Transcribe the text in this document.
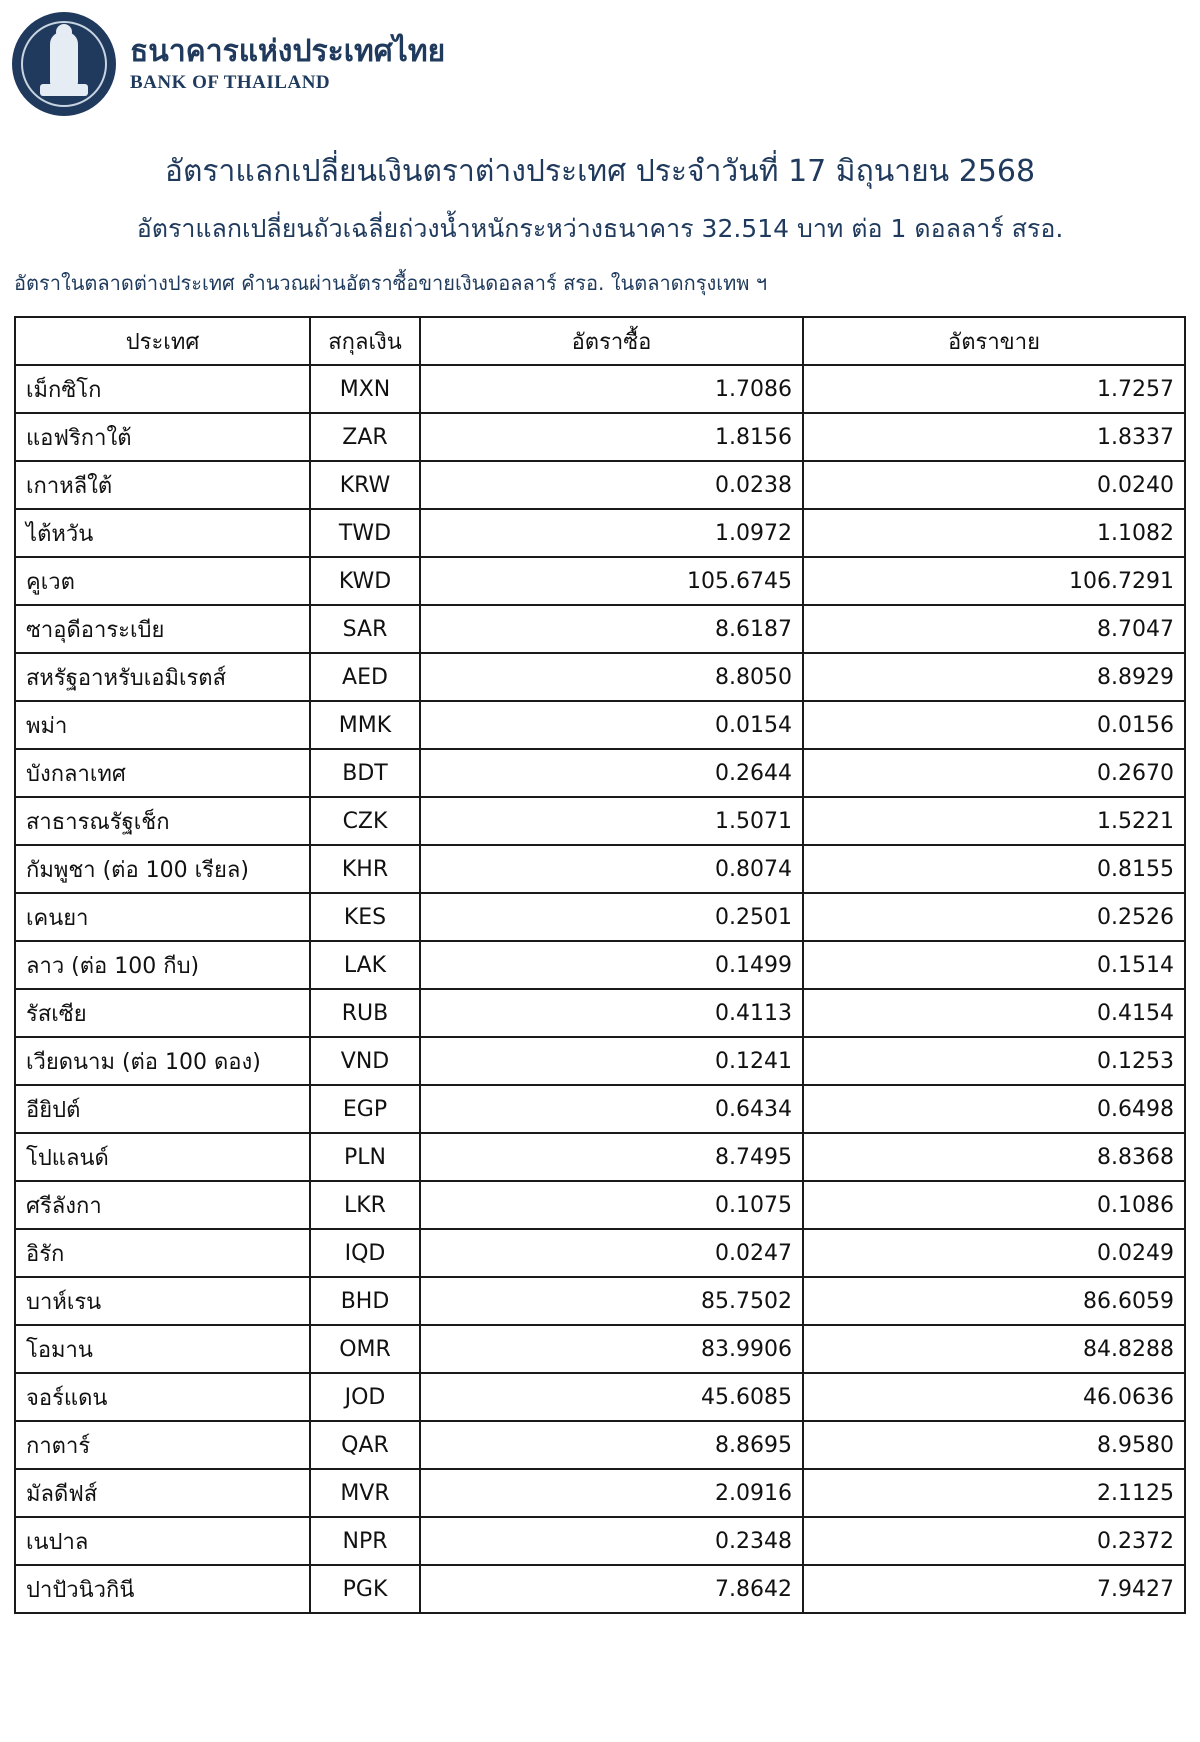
ธนาคารแห่งประเทศไทย
BANK OF THAILAND
อัตราแลกเปลี่ยนเงินตราต่างประเทศ ประจำวันที่ 17 มิถุนายน 2568
อัตราแลกเปลี่ยนถัวเฉลี่ยถ่วงน้ำหนักระหว่างธนาคาร 32.514 บาท ต่อ 1 ดอลลาร์ สรอ.
อัตราในตลาดต่างประเทศ คำนวณผ่านอัตราซื้อขายเงินดอลลาร์ สรอ. ในตลาดกรุงเทพ ฯ
ประเทศ	สกุลเงิน	อัตราซื้อ	อัตราขาย
เม็กซิโก	MXN	1.7086	1.7257
แอฟริกาใต้	ZAR	1.8156	1.8337
เกาหลีใต้	KRW	0.0238	0.0240
ไต้หวัน	TWD	1.0972	1.1082
คูเวต	KWD	105.6745	106.7291
ซาอุดีอาระเบีย	SAR	8.6187	8.7047
สหรัฐอาหรับเอมิเรตส์	AED	8.8050	8.8929
พม่า	MMK	0.0154	0.0156
บังกลาเทศ	BDT	0.2644	0.2670
สาธารณรัฐเช็ก	CZK	1.5071	1.5221
กัมพูชา (ต่อ 100 เรียล)	KHR	0.8074	0.8155
เคนยา	KES	0.2501	0.2526
ลาว (ต่อ 100 กีบ)	LAK	0.1499	0.1514
รัสเซีย	RUB	0.4113	0.4154
เวียดนาม (ต่อ 100 ดอง)	VND	0.1241	0.1253
อียิปต์	EGP	0.6434	0.6498
โปแลนด์	PLN	8.7495	8.8368
ศรีลังกา	LKR	0.1075	0.1086
อิรัก	IQD	0.0247	0.0249
บาห์เรน	BHD	85.7502	86.6059
โอมาน	OMR	83.9906	84.8288
จอร์แดน	JOD	45.6085	46.0636
กาตาร์	QAR	8.8695	8.9580
มัลดีฟส์	MVR	2.0916	2.1125
เนปาล	NPR	0.2348	0.2372
ปาปัวนิวกินี	PGK	7.8642	7.9427
